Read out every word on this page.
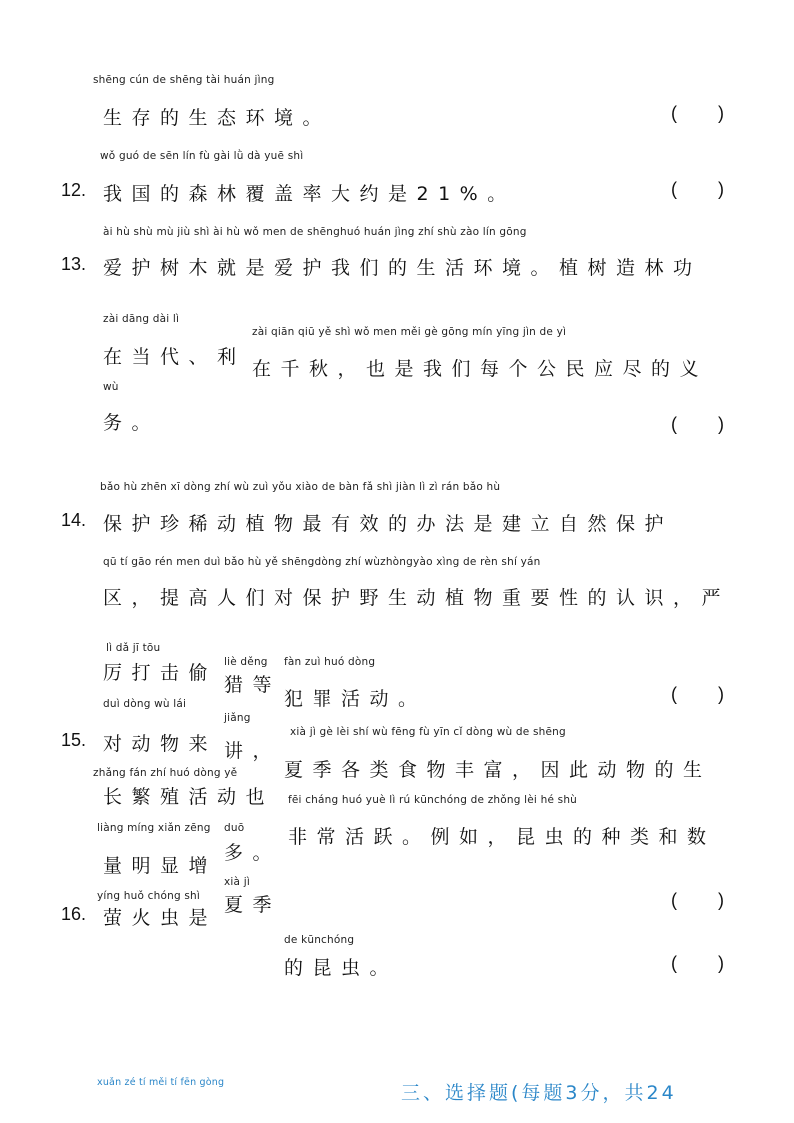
shēng cún de shēng tài huán jìng
生存的生态环境。	( )
wǒ guó de sēn lín fù gài lǜ dà yuē shì
12. 我国的森林覆盖率大约是21%。	( )
ài hù shù mù jiù shì ài hù wǒ men de shēnghuó huán jìng zhí shù zào lín gōng
13. 爱护树木就是爱护我们的生活环境。植树造林功
zài dāng dài lì
在当代、利
zài qiān qiū yě shì wǒ men měi gè gōng mín yīng jìn de yì
在千秋，也是我们每个公民应尽的义
wù
务。	( )
bǎo hù zhēn xī dòng zhí wù zuì yǒu xiào de bàn fǎ shì jiàn lì zì rán bǎo hù
14. 保护珍稀动植物最有效的办法是建立自然保护
qū tí gāo rén men duì bǎo hù yě shēngdòng zhí wùzhòngyào xìng de rèn shí yán
区，提高人们对保护野生动植物重要性的认识，严
lì dǎ jī tōu
厉打击偷 liè děng
猎等
fàn zuì huó dòng
犯罪活动。	( )
duì dòng wù lái
15. 对动物来
jiǎng
讲，
xià jì gè lèi shí wù fēng fù yīn cǐ dòng wù de shēng
夏季各类食物丰富，因此动物的生
zhǎng fán zhí huó dòng yě
长繁殖活动也 fēi cháng huó yuè lì rú kūnchóng de zhǒng lèi hé shù
非常活跃。例如，昆虫的种类和数
liàng míng xiǎn zēng
量明显增
duō
多。
yíng huǒ chóng shì
16. 萤火虫是
xià jì
夏季	( )
de kūnchóng
的昆虫。	( )
xuǎn zé tí měi tí fēn gòng	三、选择题(每题3分，共24
